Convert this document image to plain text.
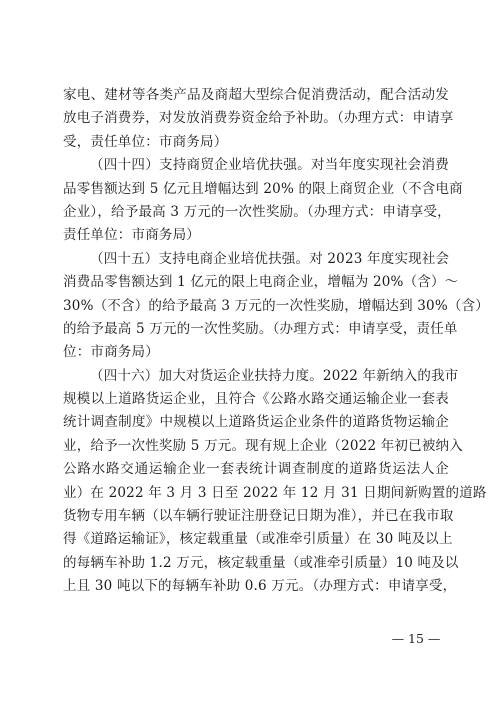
家电、建材等各类产品及商超大型综合促消费活动，配合活动发
放电子消费券，对发放消费券资金给予补助。（办理方式：申请享
受，责任单位：市商务局）
（四十四）支持商贸企业培优扶强。对当年度实现社会消费
品零售额达到 5 亿元且增幅达到 20% 的限上商贸企业（不含电商
企业），给予最高 3 万元的一次性奖励。（办理方式：申请享受，
责任单位：市商务局）
（四十五）支持电商企业培优扶强。对 2023 年度实现社会
消费品零售额达到 1 亿元的限上电商企业，增幅为 20%（含）～
30%（不含）的给予最高 3 万元的一次性奖励，增幅达到 30%（含）
的给予最高 5 万元的一次性奖励。（办理方式：申请享受，责任单
位：市商务局）
（四十六）加大对货运企业扶持力度。2022 年新纳入的我市
规模以上道路货运企业，且符合《公路水路交通运输企业一套表
统计调查制度》中规模以上道路货运企业条件的道路货物运输企
业，给予一次性奖励 5 万元。现有规上企业（2022 年初已被纳入
公路水路交通运输企业一套表统计调查制度的道路货运法人企
业）在 2022 年 3 月 3 日至 2022 年 12 月 31 日期间新购置的道路
货物专用车辆（以车辆行驶证注册登记日期为准），并已在我市取
得《道路运输证》，核定载重量（或准牵引质量）在 30 吨及以上
的每辆车补助 1.2 万元，核定载重量（或准牵引质量）10 吨及以
上且 30 吨以下的每辆车补助 0.6 万元。（办理方式：申请享受，
— 15 —
